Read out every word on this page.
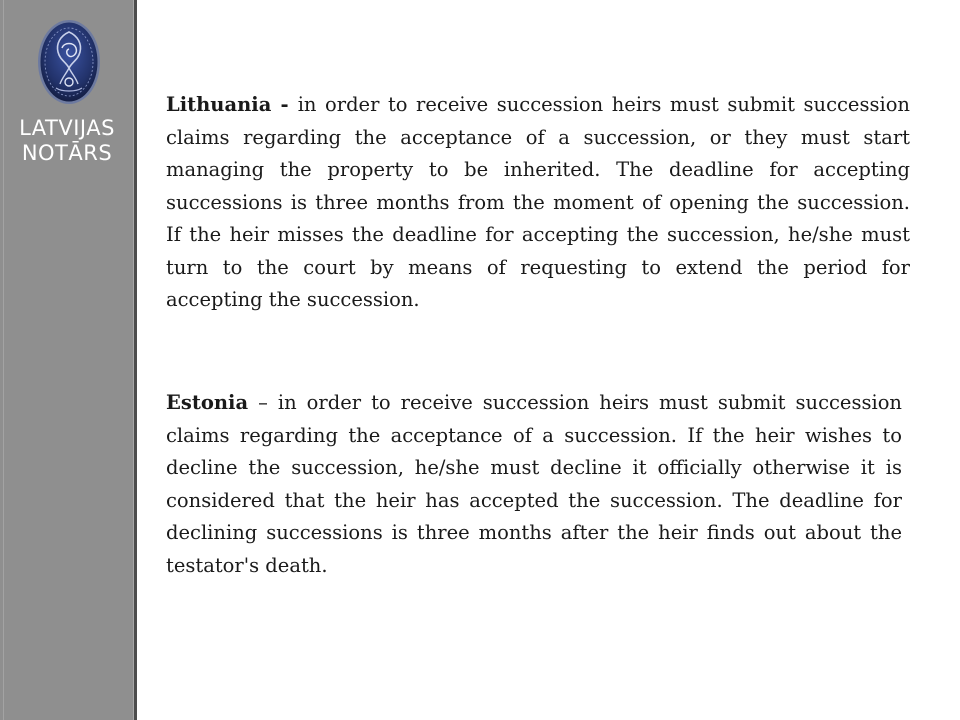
LATVIJAS
NOTĀRS

Lithuania - in order to receive succession heirs must submit succession claims regarding the acceptance of a succession, or they must start managing the property to be inherited. The deadline for accepting successions is three months from the moment of opening the succession. If the heir misses the deadline for accepting the succession, he/she must turn to the court by means of requesting to extend the period for accepting the succession.

Estonia – in order to receive succession heirs must submit succession claims regarding the acceptance of a succession. If the heir wishes to decline the succession, he/she must decline it officially otherwise it is considered that the heir has accepted the succession. The deadline for declining successions is three months after the heir finds out about the testator's death.
